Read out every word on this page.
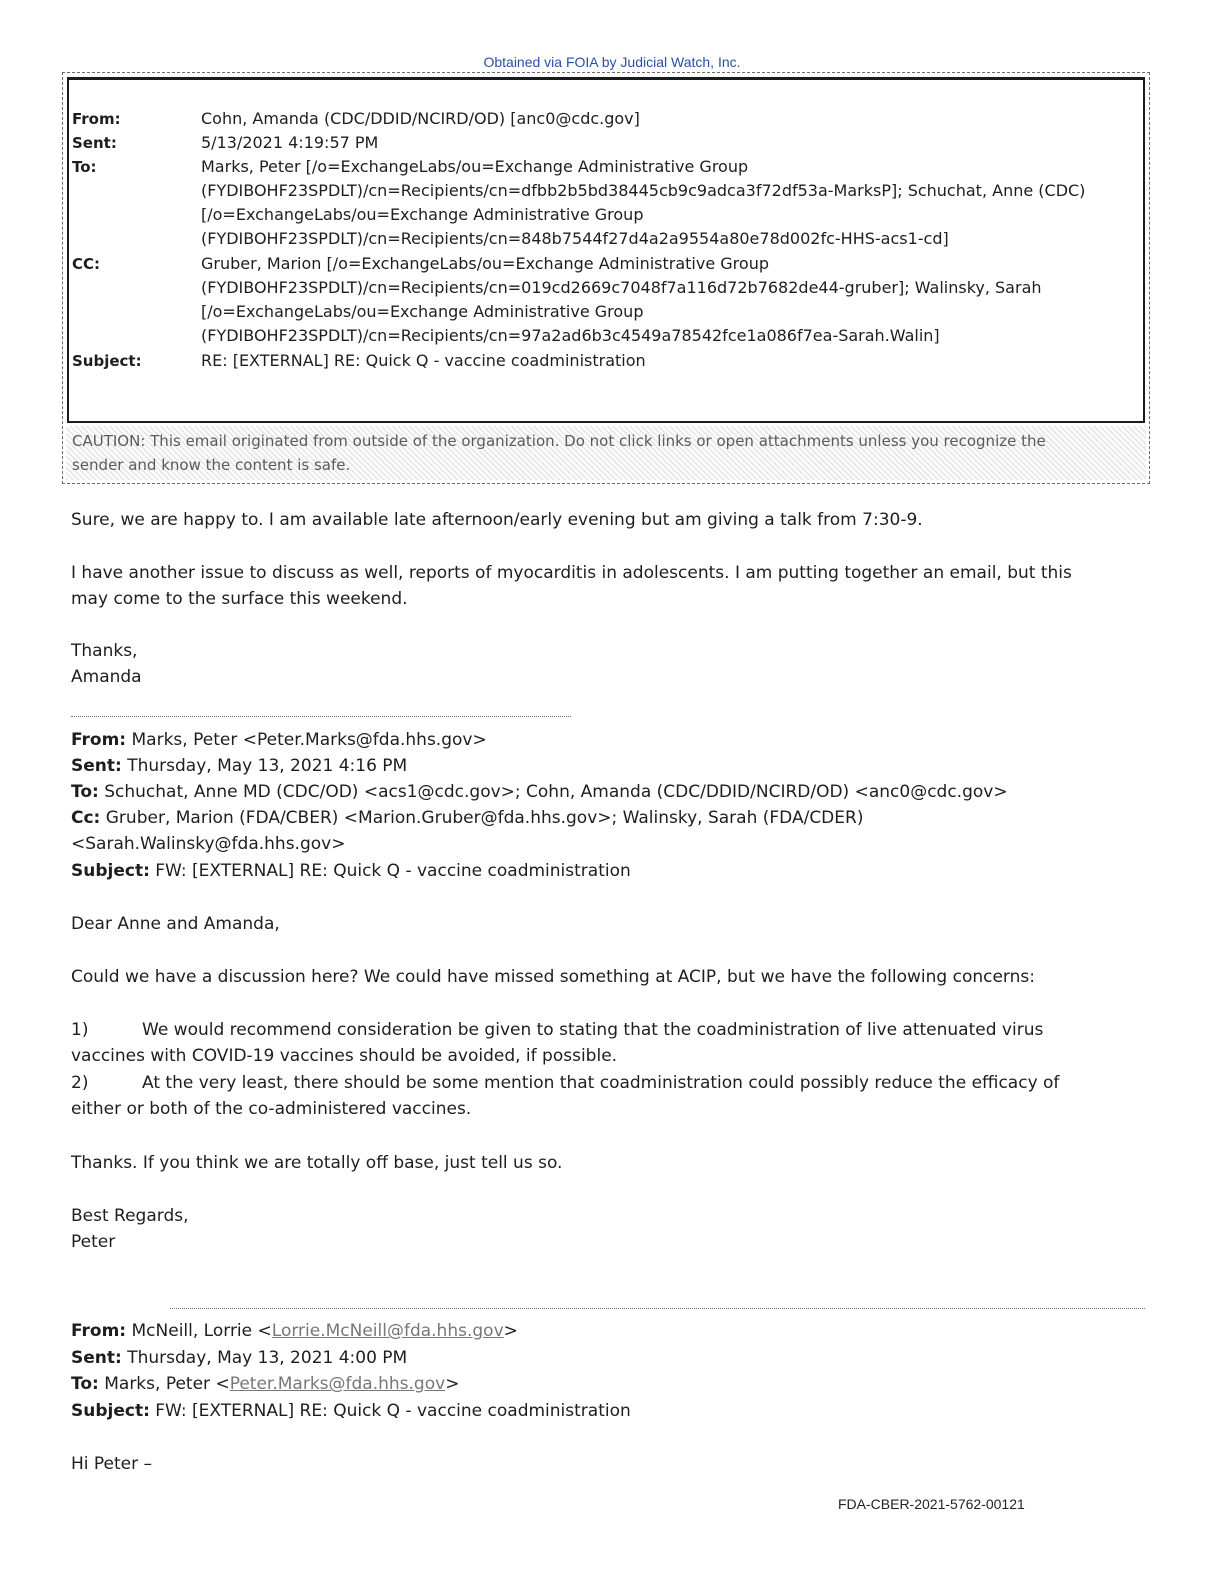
Obtained via FOIA by Judicial Watch, Inc.
From:	Cohn, Amanda (CDC/DDID/NCIRD/OD) [anc0@cdc.gov]
Sent:	5/13/2021 4:19:57 PM
To:	Marks, Peter [/o=ExchangeLabs/ou=Exchange Administrative Group
(FYDIBOHF23SPDLT)/cn=Recipients/cn=dfbb2b5bd38445cb9c9adca3f72df53a-MarksP]; Schuchat, Anne (CDC)
[/o=ExchangeLabs/ou=Exchange Administrative Group
(FYDIBOHF23SPDLT)/cn=Recipients/cn=848b7544f27d4a2a9554a80e78d002fc-HHS-acs1-cd]
CC:	Gruber, Marion [/o=ExchangeLabs/ou=Exchange Administrative Group
(FYDIBOHF23SPDLT)/cn=Recipients/cn=019cd2669c7048f7a116d72b7682de44-gruber]; Walinsky, Sarah
[/o=ExchangeLabs/ou=Exchange Administrative Group
(FYDIBOHF23SPDLT)/cn=Recipients/cn=97a2ad6b3c4549a78542fce1a086f7ea-Sarah.Walin]
Subject:	RE: [EXTERNAL] RE: Quick Q - vaccine coadministration
CAUTION: This email originated from outside of the organization. Do not click links or open attachments unless you recognize the
sender and know the content is safe.
Sure, we are happy to. I am available late afternoon/early evening but am giving a talk from 7:30-9.
I have another issue to discuss as well, reports of myocarditis in adolescents. I am putting together an email, but this
may come to the surface this weekend.
Thanks,
Amanda
From: Marks, Peter <Peter.Marks@fda.hhs.gov>
Sent: Thursday, May 13, 2021 4:16 PM
To: Schuchat, Anne MD (CDC/OD) <acs1@cdc.gov>; Cohn, Amanda (CDC/DDID/NCIRD/OD) <anc0@cdc.gov>
Cc: Gruber, Marion (FDA/CBER) <Marion.Gruber@fda.hhs.gov>; Walinsky, Sarah (FDA/CDER)
<Sarah.Walinsky@fda.hhs.gov>
Subject: FW: [EXTERNAL] RE: Quick Q - vaccine coadministration
Dear Anne and Amanda,
Could we have a discussion here? We could have missed something at ACIP, but we have the following concerns:
1)	We would recommend consideration be given to stating that the coadministration of live attenuated virus
vaccines with COVID-19 vaccines should be avoided, if possible.
2)	At the very least, there should be some mention that coadministration could possibly reduce the efficacy of
either or both of the co-administered vaccines.
Thanks. If you think we are totally off base, just tell us so.
Best Regards,
Peter
From: McNeill, Lorrie <Lorrie.McNeill@fda.hhs.gov>
Sent: Thursday, May 13, 2021 4:00 PM
To: Marks, Peter <Peter.Marks@fda.hhs.gov>
Subject: FW: [EXTERNAL] RE: Quick Q - vaccine coadministration
Hi Peter –
FDA-CBER-2021-5762-00121
